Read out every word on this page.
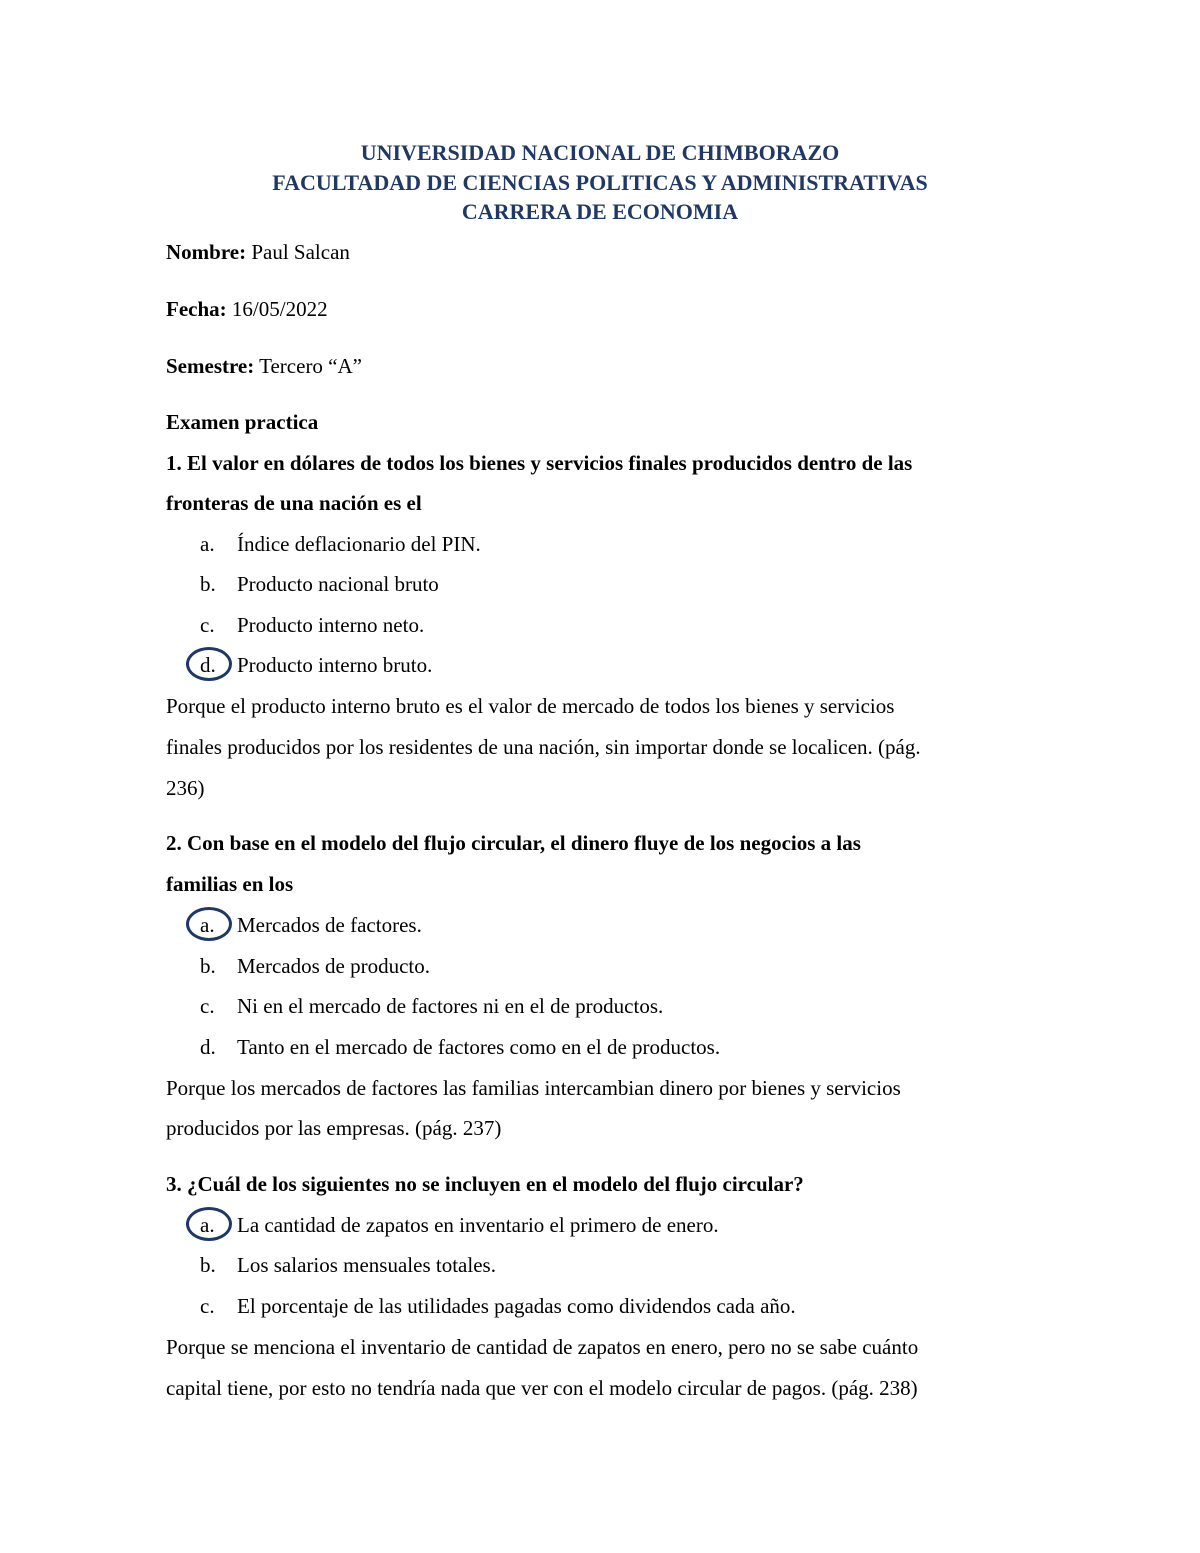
UNIVERSIDAD NACIONAL DE CHIMBORAZO
FACULTADAD DE CIENCIAS POLITICAS Y ADMINISTRATIVAS
CARRERA DE ECONOMIA
Nombre: Paul Salcan
Fecha: 16/05/2022
Semestre: Tercero “A”
Examen practica
1. El valor en dólares de todos los bienes y servicios finales producidos dentro de las
fronteras de una nación es el
a.	Índice deflacionario del PIN.
b. Producto nacional bruto
c.	Producto interno neto.
d. Producto interno bruto.
Porque el producto interno bruto es el valor de mercado de todos los bienes y servicios
finales producidos por los residentes de una nación, sin importar donde se localicen. (pág.
236)
2. Con base en el modelo del flujo circular, el dinero fluye de los negocios a las
familias en los
a.	Mercados de factores.
b. Mercados de producto.
c.	Ni en el mercado de factores ni en el de productos.
d. Tanto en el mercado de factores como en el de productos.
Porque los mercados de factores las familias intercambian dinero por bienes y servicios
producidos por las empresas. (pág. 237)
3. ¿Cuál de los siguientes no se incluyen en el modelo del flujo circular?
a.	La cantidad de zapatos en inventario el primero de enero.
b. Los salarios mensuales totales.
c.	El porcentaje de las utilidades pagadas como dividendos cada año.
Porque se menciona el inventario de cantidad de zapatos en enero, pero no se sabe cuánto
capital tiene, por esto no tendría nada que ver con el modelo circular de pagos. (pág. 238)
